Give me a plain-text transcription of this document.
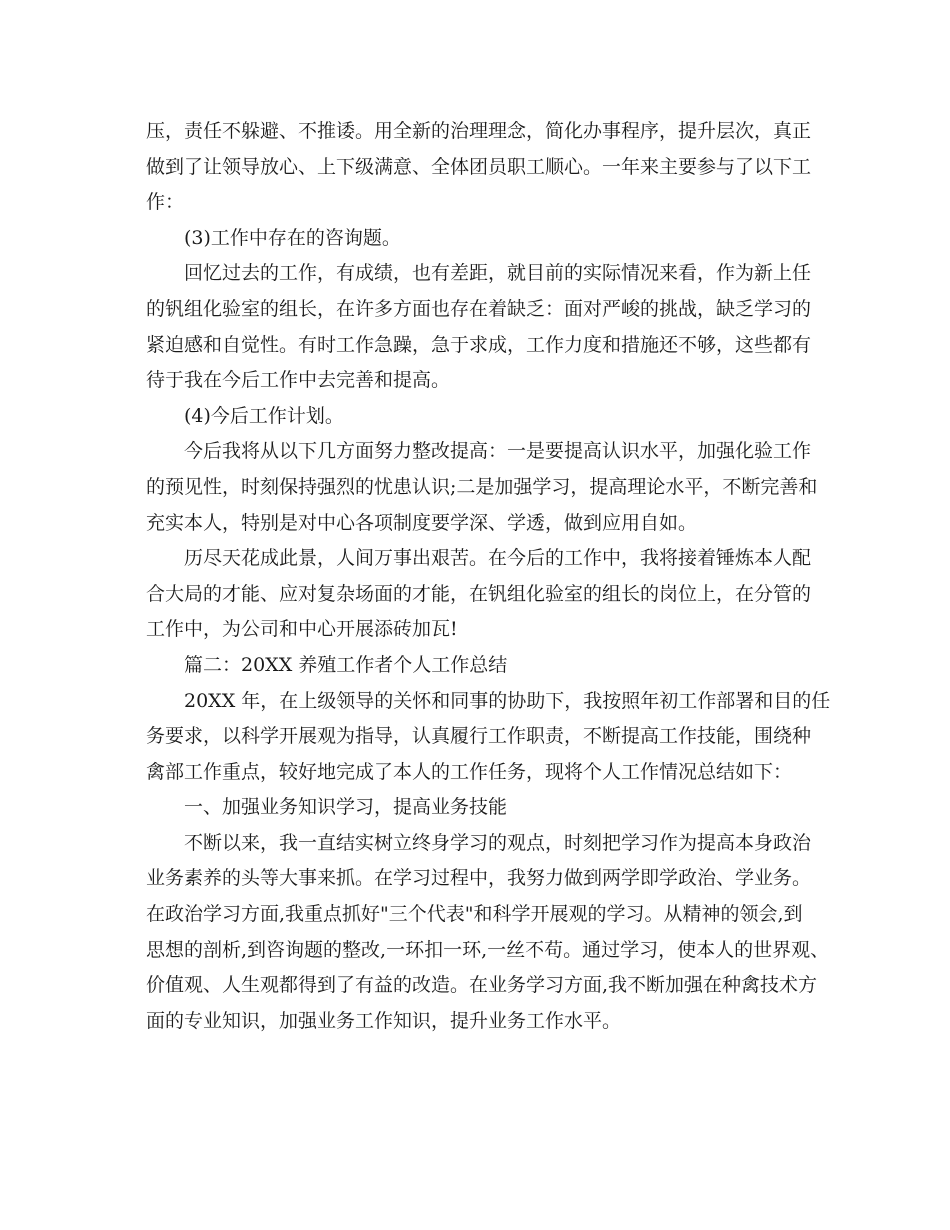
压，责任不躲避、不推诿。用全新的治理理念，简化办事程序，提升层次，真正
做到了让领导放心、上下级满意、全体团员职工顺心。一年来主要参与了以下工
作：
(3)工作中存在的咨询题。
回忆过去的工作，有成绩，也有差距，就目前的实际情况来看，作为新上任
的钒组化验室的组长，在许多方面也存在着缺乏：面对严峻的挑战，缺乏学习的
紧迫感和自觉性。有时工作急躁，急于求成，工作力度和措施还不够，这些都有
待于我在今后工作中去完善和提高。
(4)今后工作计划。
今后我将从以下几方面努力整改提高：一是要提高认识水平，加强化验工作
的预见性，时刻保持强烈的忧患认识;二是加强学习，提高理论水平，不断完善和
充实本人，特别是对中心各项制度要学深、学透，做到应用自如。
历尽天花成此景，人间万事出艰苦。在今后的工作中，我将接着锤炼本人配
合大局的才能、应对复杂场面的才能，在钒组化验室的组长的岗位上，在分管的
工作中，为公司和中心开展添砖加瓦!
篇二：20XX 养殖工作者个人工作总结
20XX 年，在上级领导的关怀和同事的协助下，我按照年初工作部署和目的任
务要求，以科学开展观为指导，认真履行工作职责，不断提高工作技能，围绕种
禽部工作重点，较好地完成了本人的工作任务，现将个人工作情况总结如下：
一、加强业务知识学习，提高业务技能
不断以来，我一直结实树立终身学习的观点，时刻把学习作为提高本身政治
业务素养的头等大事来抓。在学习过程中，我努力做到两学即学政治、学业务。
在政治学习方面,我重点抓好"三个代表"和科学开展观的学习。从精神的领会,到
思想的剖析,到咨询题的整改,一环扣一环,一丝不苟。通过学习，使本人的世界观、
价值观、人生观都得到了有益的改造。在业务学习方面,我不断加强在种禽技术方
面的专业知识，加强业务工作知识，提升业务工作水平。
